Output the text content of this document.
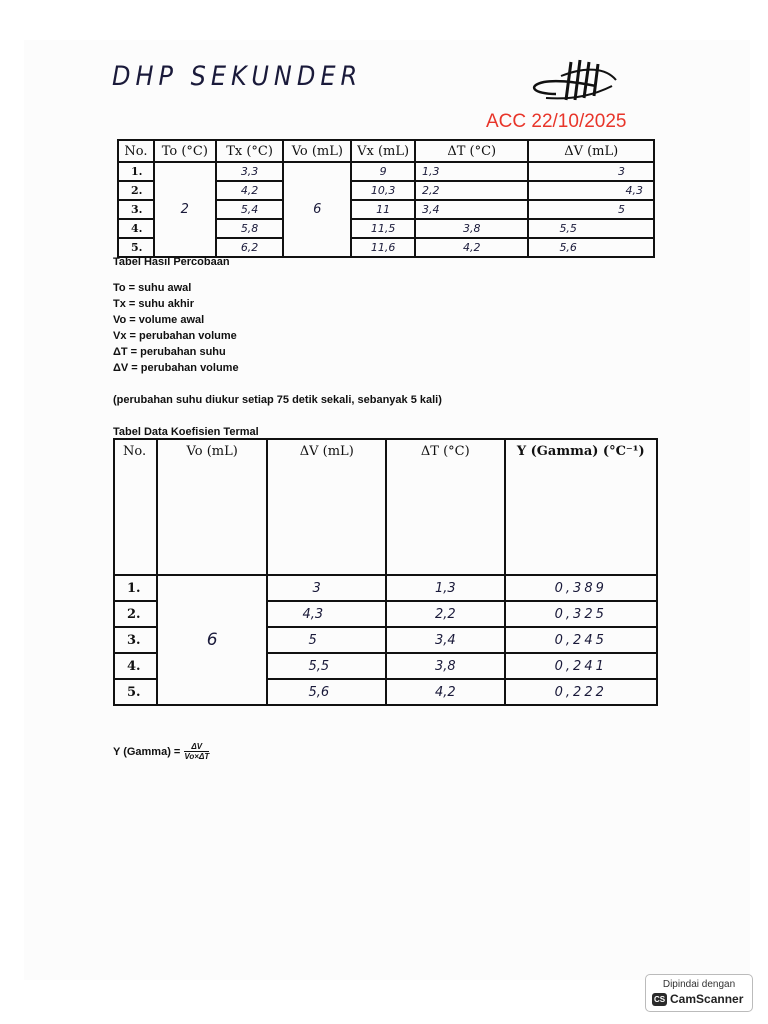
DHP SEKUNDER
ACC 22/10/2025
No.	To (°C)	Tx (°C)	Vo (mL)	Vx (mL)	ΔT (°C)	ΔV (mL)
1.	2	3,3	6	9	1,3	3
2.		4,2		10,3	2,2	4,3
3.		5,4		11	3,4	5
4.		5,8		11,5	3,8	5,5
5.		6,2		11,6	4,2	5,6
Tabel Hasil Percobaan
To = suhu awal
Tx = suhu akhir
Vo = volume awal
Vx = perubahan volume
ΔT = perubahan suhu
ΔV = perubahan volume
(perubahan suhu diukur setiap 75 detik sekali, sebanyak 5 kali)
Tabel Data Koefisien Termal
No.	Vo (mL)	ΔV (mL)	ΔT (°C)	Y (Gamma) (°C⁻¹)
1.	6	3	1,3	0,389
2.		4,3	2,2	0,325
3.		5	3,4	0,245
4.		5,5	3,8	0,241
5.		5,6	4,2	0,222
Y (Gamma) = $\frac{\Delta V}{Vo\times\Delta T}$
Dipindai dengan
CS CamScanner
